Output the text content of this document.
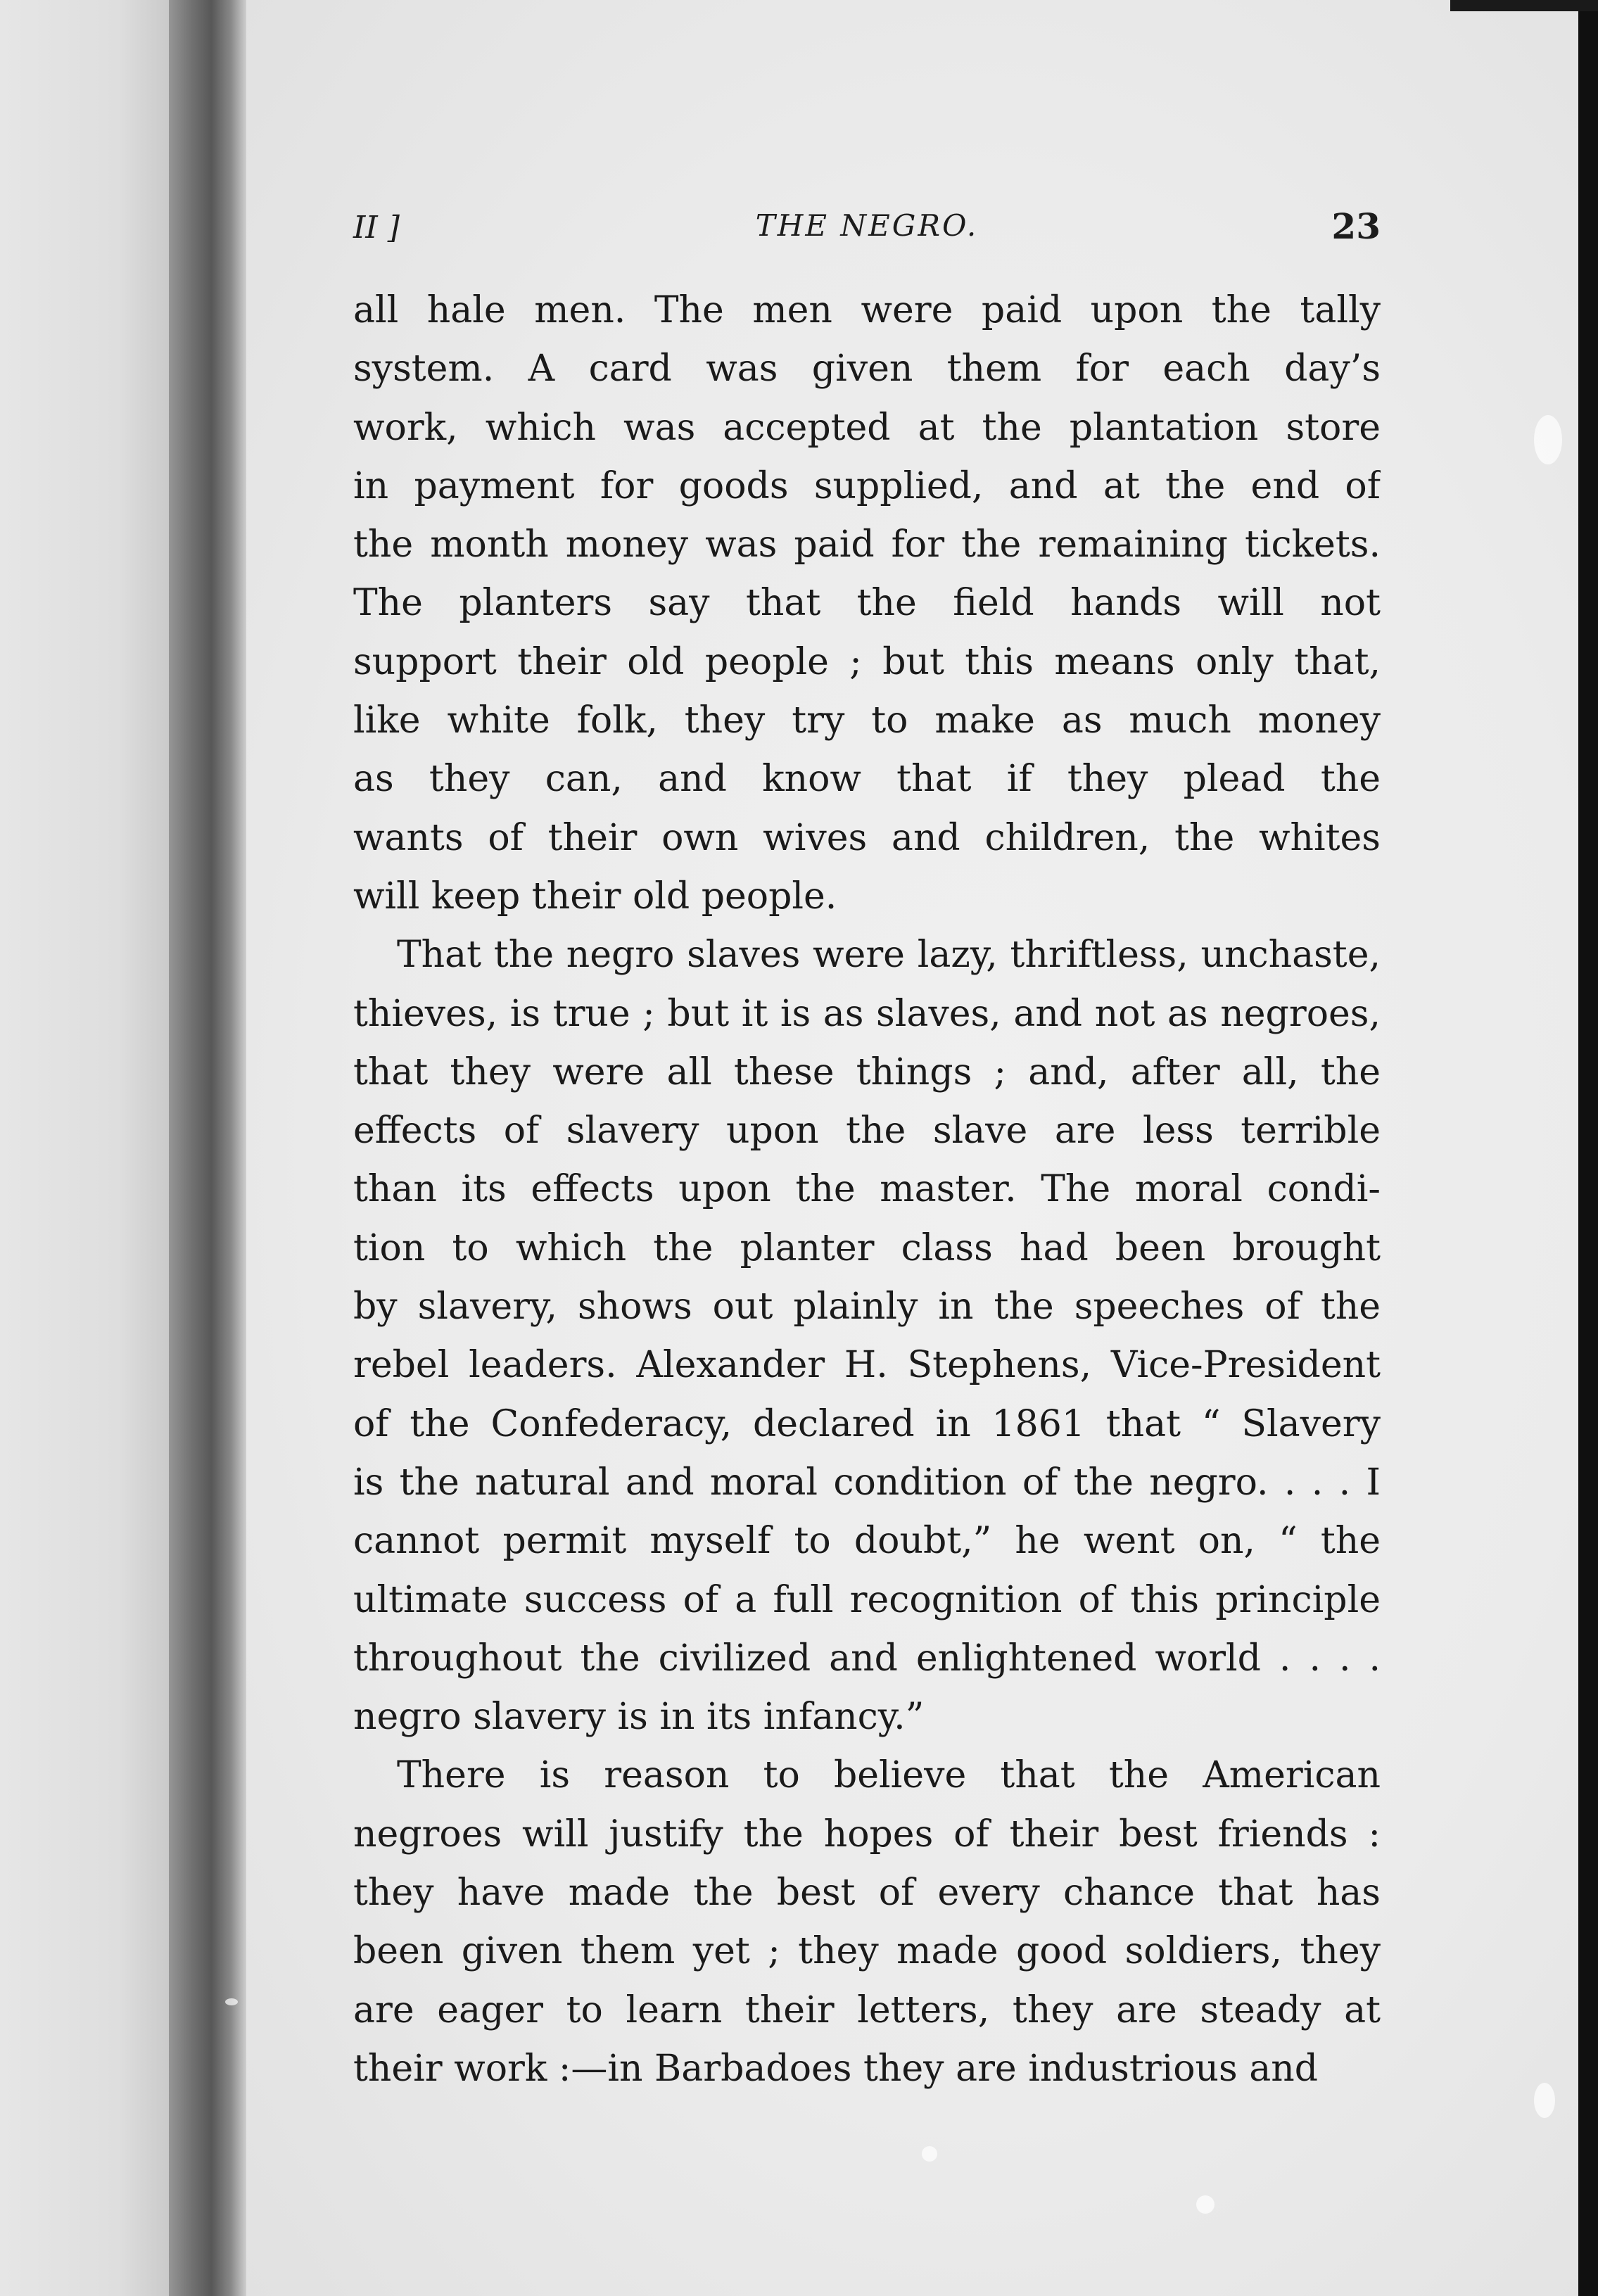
II ]	THE NEGRO.	23

all hale men. The men were paid upon the tally
system. A card was given them for each day’s
work, which was accepted at the plantation store
in payment for goods supplied, and at the end of
the month money was paid for the remaining tickets.
The planters say that the field hands will not
support their old people ; but this means only that,
like white folk, they try to make as much money
as they can, and know that if they plead the
wants of their own wives and children, the whites
will keep their old people.

That the negro slaves were lazy, thriftless, unchaste,
thieves, is true ; but it is as slaves, and not as negroes,
that they were all these things ; and, after all, the
effects of slavery upon the slave are less terrible
than its effects upon the master. The moral condi-
tion to which the planter class had been brought
by slavery, shows out plainly in the speeches of the
rebel leaders. Alexander H. Stephens, Vice-President
of the Confederacy, declared in 1861 that “ Slavery
is the natural and moral condition of the negro. . . . I
cannot permit myself to doubt,” he went on, “ the
ultimate success of a full recognition of this principle
throughout the civilized and enlightened world . . . .
negro slavery is in its infancy.”

There is reason to believe that the American
negroes will justify the hopes of their best friends :
they have made the best of every chance that has
been given them yet ; they made good soldiers, they
are eager to learn their letters, they are steady at
their work :—in Barbadoes they are industrious and
